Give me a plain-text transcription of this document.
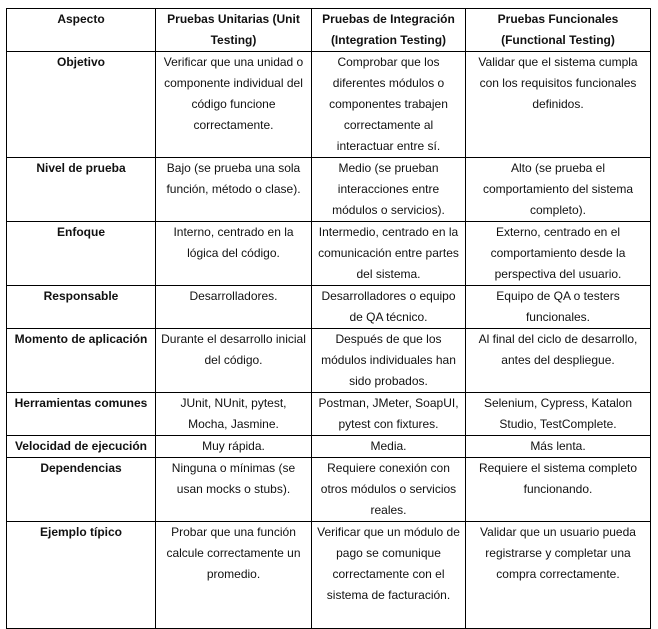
Aspecto	Pruebas Unitarias (Unit Testing)	Pruebas de Integración (Integration Testing)	Pruebas Funcionales (Functional Testing)
Objetivo	Verificar que una unidad o componente individual del código funcione correctamente.	Comprobar que los diferentes módulos o componentes trabajen correctamente al interactuar entre sí.	Validar que el sistema cumpla con los requisitos funcionales definidos.
Nivel de prueba	Bajo (se prueba una sola función, método o clase).	Medio (se prueban interacciones entre módulos o servicios).	Alto (se prueba el comportamiento del sistema completo).
Enfoque	Interno, centrado en la lógica del código.	Intermedio, centrado en la comunicación entre partes del sistema.	Externo, centrado en el comportamiento desde la perspectiva del usuario.
Responsable	Desarrolladores.	Desarrolladores o equipo de QA técnico.	Equipo de QA o testers funcionales.
Momento de aplicación	Durante el desarrollo inicial del código.	Después de que los módulos individuales han sido probados.	Al final del ciclo de desarrollo, antes del despliegue.
Herramientas comunes	JUnit, NUnit, pytest, Mocha, Jasmine.	Postman, JMeter, SoapUI, pytest con fixtures.	Selenium, Cypress, Katalon Studio, TestComplete.
Velocidad de ejecución	Muy rápida.	Media.	Más lenta.
Dependencias	Ninguna o mínimas (se usan mocks o stubs).	Requiere conexión con otros módulos o servicios reales.	Requiere el sistema completo funcionando.
Ejemplo típico	Probar que una función calcule correctamente un promedio.	Verificar que un módulo de pago se comunique correctamente con el sistema de facturación.	Validar que un usuario pueda registrarse y completar una compra correctamente.
